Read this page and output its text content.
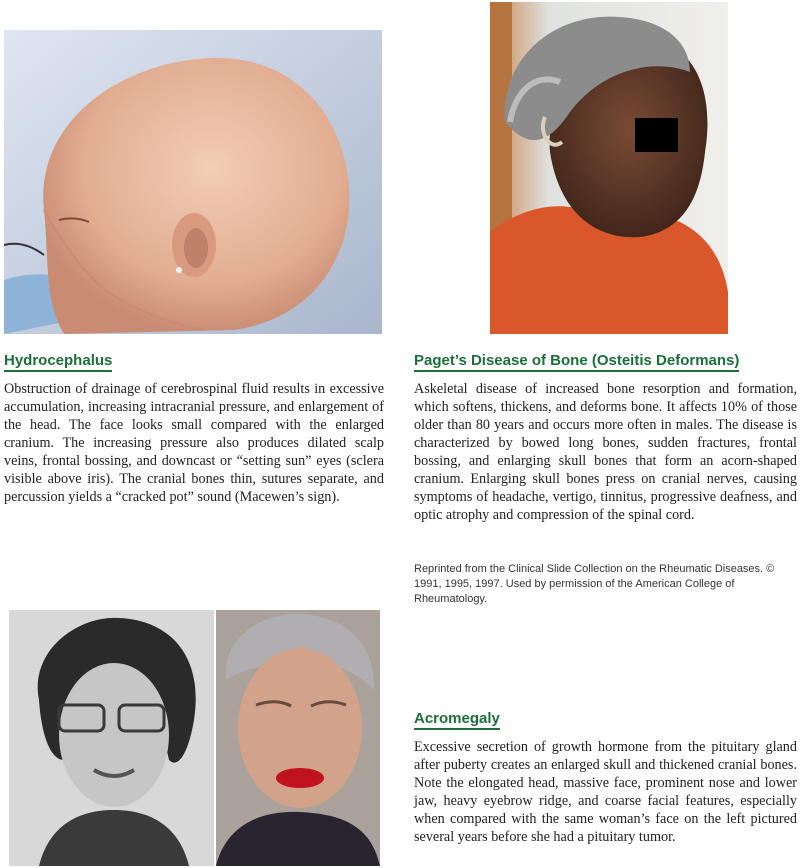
Hydrocephalus

Obstruction of drainage of cerebrospinal fluid results in excessive accumulation, increasing intracranial pressure, and enlargement of the head. The face looks small compared with the enlarged cranium. The increasing pressure also produces dilated scalp veins, frontal bossing, and downcast or “setting sun” eyes (sclera visible above iris). The cranial bones thin, sutures separate, and percussion yields a “cracked pot” sound (Macewen’s sign).

Paget’s Disease of Bone (Osteitis Deformans)

Askeletal disease of increased bone resorption and formation, which softens, thickens, and deforms bone. It affects 10% of those older than 80 years and occurs more often in males. The disease is characterized by bowed long bones, sudden fractures, frontal bossing, and enlarging skull bones that form an acorn-shaped cranium. Enlarging skull bones press on cranial nerves, causing symptoms of headache, vertigo, tinnitus, progressive deafness, and optic atrophy and compression of the spinal cord.

Reprinted from the Clinical Slide Collection on the Rheumatic Diseases. © 1991, 1995, 1997. Used by permission of the American College of Rheumatology.

Acromegaly

Excessive secretion of growth hormone from the pituitary gland after puberty creates an enlarged skull and thickened cranial bones. Note the elongated head, massive face, prominent nose and lower jaw, heavy eyebrow ridge, and coarse facial features, especially when compared with the same woman’s face on the left pictured several years before she had a pituitary tumor.
